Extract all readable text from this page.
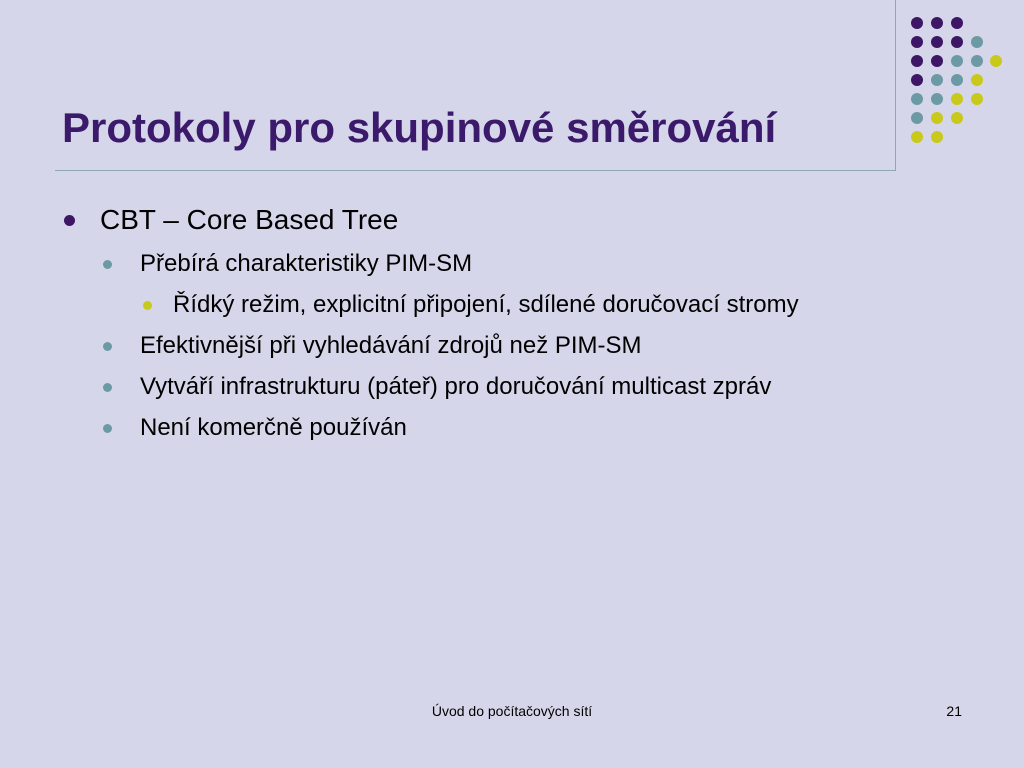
Protokoly pro skupinové směrování
CBT – Core Based Tree
Přebírá charakteristiky PIM-SM
Řídký režim, explicitní připojení, sdílené doručovací stromy
Efektivnější při vyhledávání zdrojů než PIM-SM
Vytváří infrastrukturu (páteř) pro doručování multicast zpráv
Není komerčně používán
Úvod do počítačových sítí	21
